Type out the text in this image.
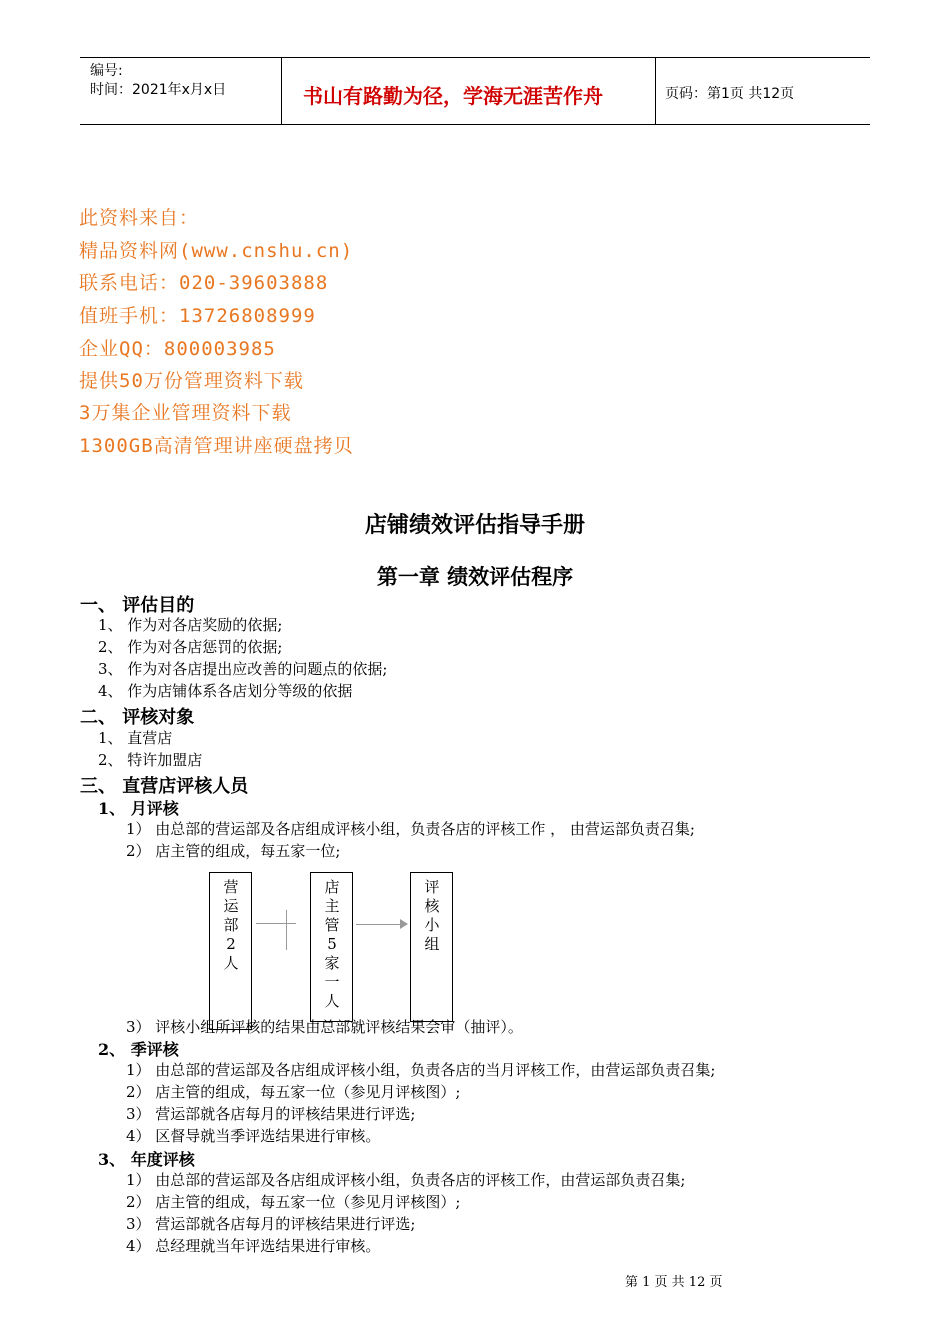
编号:
时间：2021年x月x日	书山有路勤为径，学海无涯苦作舟	页码：第1页 共12页
此资料来自：
精品资料网(www.cnshu.cn)
联系电话：020-39603888
值班手机：13726808999
企业QQ：800003985
提供50万份管理资料下载
3万集企业管理资料下载
1300GB高清管理讲座硬盘拷贝
店铺绩效评估指导手册
第一章 绩效评估程序
一、 评估目的
1、 作为对各店奖励的依据;
2、 作为对各店惩罚的依据;
3、 作为对各店提出应改善的问题点的依据;
4、 作为店铺体系各店划分等级的依据
二、 评核对象
1、 直营店
2、 特许加盟店
三、 直营店评核人员
1、 月评核
1） 由总部的营运部及各店组成评核小组，负责各店的评核工作 ， 由营运部负责召集;
2） 店主管的组成，每五家一位;
营运部2人
店主管5家一人
评核小组
3） 评核小组所评核的结果由总部就评核结果会审（抽评）。
2、 季评核
1） 由总部的营运部及各店组成评核小组，负责各店的当月评核工作，由营运部负责召集;
2） 店主管的组成，每五家一位（参见月评核图）;
3） 营运部就各店每月的评核结果进行评选;
4） 区督导就当季评选结果进行审核。
3、 年度评核
1） 由总部的营运部及各店组成评核小组，负责各店的评核工作，由营运部负责召集;
2） 店主管的组成，每五家一位（参见月评核图）;
3） 营运部就各店每月的评核结果进行评选;
4） 总经理就当年评选结果进行审核。
第 1 页 共 12 页
